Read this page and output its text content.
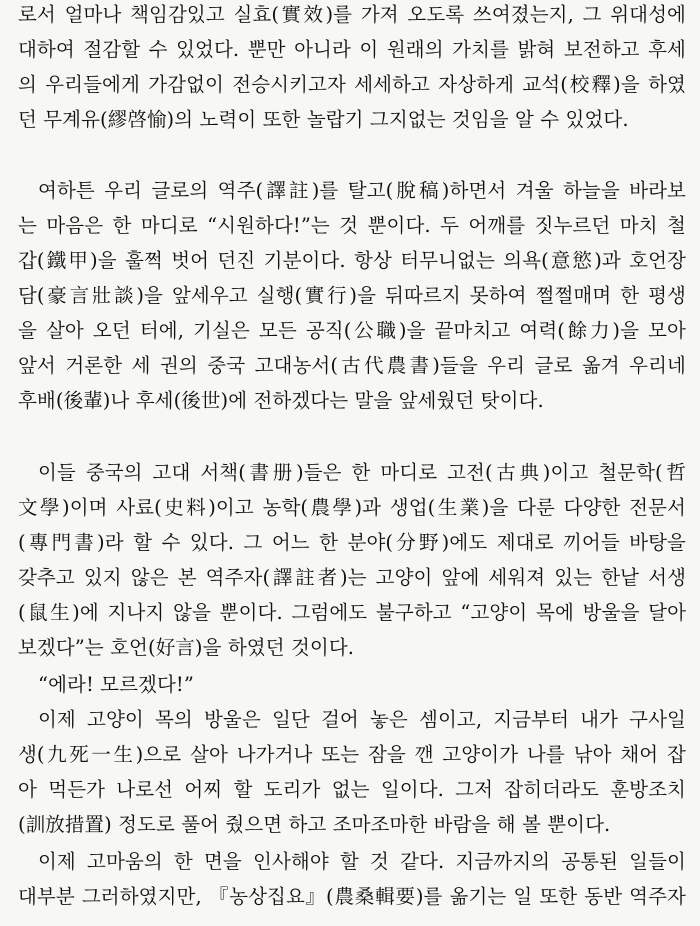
로서 얼마나 책임감있고 실효(實效)를 가져 오도록 쓰여졌는지, 그 위대성에
대하여 절감할 수 있었다. 뿐만 아니라 이 원래의 가치를 밝혀 보전하고 후세
의 우리들에게 가감없이 전승시키고자 세세하고 자상하게 교석(校釋)을 하였
던 무계유(繆啓愉)의 노력이 또한 놀랍기 그지없는 것임을 알 수 있었다.
여하튼 우리 글로의 역주(譯註)를 탈고(脫稿)하면서 겨울 하늘을 바라보
는 마음은 한 마디로 “시원하다!”는 것 뿐이다. 두 어깨를 짓누르던 마치 철
갑(鐵甲)을 훌쩍 벗어 던진 기분이다. 항상 터무니없는 의욕(意慾)과 호언장
담(豪言壯談)을 앞세우고 실행(實行)을 뒤따르지 못하여 쩔쩔매며 한 평생
을 살아 오던 터에, 기실은 모든 공직(公職)을 끝마치고 여력(餘力)을 모아
앞서 거론한 세 권의 중국 고대농서(古代農書)들을 우리 글로 옮겨 우리네
후배(後輩)나 후세(後世)에 전하겠다는 말을 앞세웠던 탓이다.
이들 중국의 고대 서책(書册)들은 한 마디로 고전(古典)이고 철문학(哲
文學)이며 사료(史料)이고 농학(農學)과 생업(生業)을 다룬 다양한 전문서
(專門書)라 할 수 있다. 그 어느 한 분야(分野)에도 제대로 끼어들 바탕을
갖추고 있지 않은 본 역주자(譯註者)는 고양이 앞에 세워져 있는 한낱 서생
(鼠生)에 지나지 않을 뿐이다. 그럼에도 불구하고 “고양이 목에 방울을 달아
보겠다”는 호언(好言)을 하였던 것이다.
“에라! 모르겠다!”
이제 고양이 목의 방울은 일단 걸어 놓은 셈이고, 지금부터 내가 구사일
생(九死一生)으로 살아 나가거나 또는 잠을 깬 고양이가 나를 낚아 채어 잡
아 먹든가 나로선 어찌 할 도리가 없는 일이다. 그저 잡히더라도 훈방조치
(訓放措置) 정도로 풀어 줬으면 하고 조마조마한 바람을 해 볼 뿐이다.
이제 고마움의 한 면을 인사해야 할 것 같다. 지금까지의 공통된 일들이
대부분 그러하였지만, 『농상집요』(農桑輯要)를 옮기는 일 또한 동반 역주자
